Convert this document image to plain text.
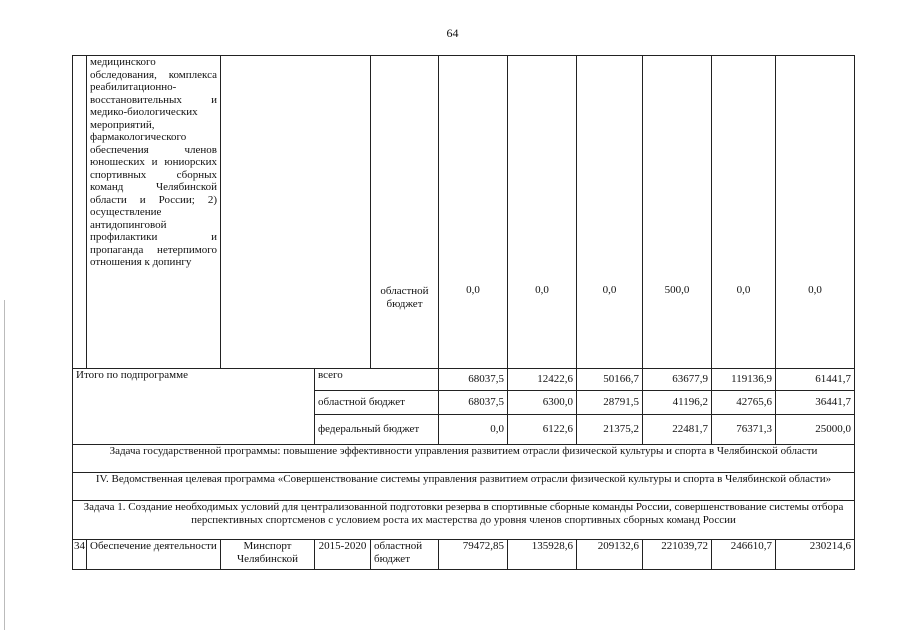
64
	медицинского обследования, комплекса реабилитационно-восстановительных и медико-биологических мероприятий, фармакологического обеспечения членов юношеских и юниорских спортивных сборных команд Челябинской области и России; 2) осуществление антидопинговой профилактики и пропаганда нетерпимого отношения к допингу			областной бюджет	0,0	0,0	0,0	500,0	0,0	0,0
Итого по подпрограмме			всего		68037,5	12422,6	50166,7	63677,9	119136,9	61441,7
			областной бюджет		68037,5	6300,0	28791,5	41196,2	42765,6	36441,7
			федеральный бюджет		0,0	6122,6	21375,2	22481,7	76371,3	25000,0
Задача государственной программы: повышение эффективности управления развитием отрасли физической культуры и спорта в Челябинской области										
IV. Ведомственная целевая программа «Совершенствование системы управления развитием отрасли физической культуры и спорта в Челябинской области»										
Задача 1. Создание необходимых условий для централизованной подготовки резерва в спортивные сборные команды России, совершенствование системы отбора перспективных спортсменов с условием роста их мастерства до уровня членов спортивных сборных команд России										
34	Обеспечение деятельности	Минспорт Челябинской	2015-2020	областной бюджет	79472,85	135928,6	209132,6	221039,72	246610,7	230214,6
